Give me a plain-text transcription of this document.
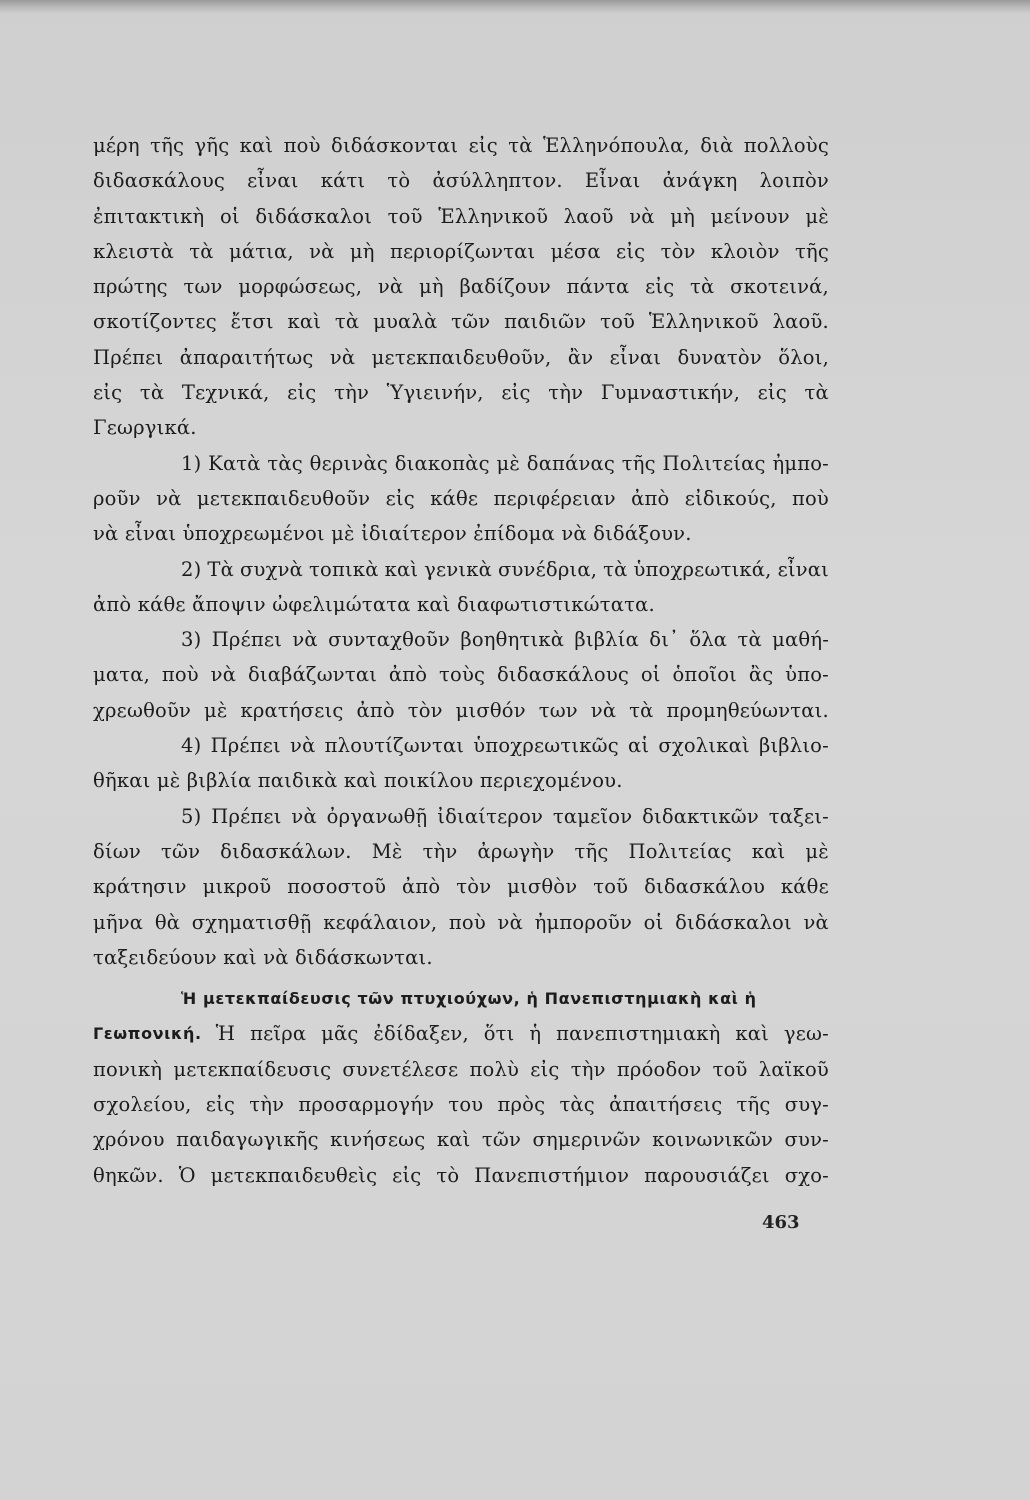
μέρη τῆς γῆς καὶ ποὺ διδάσκονται εἰς τὰ Ἑλληνόπουλα, διὰ πολλοὺς
διδασκάλους εἶναι κάτι τὸ ἀσύλληπτον. Εἶναι ἀνάγκη λοιπὸν
ἐπιτακτικὴ οἱ διδάσκαλοι τοῦ Ἑλληνικοῦ λαοῦ νὰ μὴ μείνουν μὲ
κλειστὰ τὰ μάτια, νὰ μὴ περιορίζωνται μέσα εἰς τὸν κλοιὸν τῆς
πρώτης των μορφώσεως, νὰ μὴ βαδίζουν πάντα εἰς τὰ σκοτεινά,
σκοτίζοντες ἔτσι καὶ τὰ μυαλὰ τῶν παιδιῶν τοῦ Ἑλληνικοῦ λαοῦ.
Πρέπει ἀπαραιτήτως νὰ μετεκπαιδευθοῦν, ἂν εἶναι δυνατὸν ὅλοι,
εἰς τὰ Τεχνικά, εἰς τὴν Ὑγιεινήν, εἰς τὴν Γυμναστικήν, εἰς τὰ
Γεωργικά.
1) Κατὰ τὰς θερινὰς διακοπὰς μὲ δαπάνας τῆς Πολιτείας ἠμπο-
ροῦν νὰ μετεκπαιδευθοῦν εἰς κάθε περιφέρειαν ἀπὸ εἰδικούς, ποὺ
νὰ εἶναι ὑποχρεωμένοι μὲ ἰδιαίτερον ἐπίδομα νὰ διδάξουν.
2) Τὰ συχνὰ τοπικὰ καὶ γενικὰ συνέδρια, τὰ ὑποχρεωτικά, εἶναι
ἀπὸ κάθε ἄποψιν ὠφελιμώτατα καὶ διαφωτιστικώτατα.
3) Πρέπει νὰ συνταχθοῦν βοηθητικὰ βιβλία δι᾽ ὅλα τὰ μαθή-
ματα, ποὺ νὰ διαβάζωνται ἀπὸ τοὺς διδασκάλους οἱ ὁποῖοι ἂς ὑπο-
χρεωθοῦν μὲ κρατήσεις ἀπὸ τὸν μισθόν των νὰ τὰ προμηθεύωνται.
4) Πρέπει νὰ πλουτίζωνται ὑποχρεωτικῶς αἱ σχολικαὶ βιβλιο-
θῆκαι μὲ βιβλία παιδικὰ καὶ ποικίλου περιεχομένου.
5) Πρέπει νὰ ὀργανωθῇ ἰδιαίτερον ταμεῖον διδακτικῶν ταξει-
δίων τῶν διδασκάλων. Μὲ τὴν ἀρωγὴν τῆς Πολιτείας καὶ μὲ
κράτησιν μικροῦ ποσοστοῦ ἀπὸ τὸν μισθὸν τοῦ διδασκάλου κάθε
μῆνα θὰ σχηματισθῇ κεφάλαιον, ποὺ νὰ ἠμποροῦν οἱ διδάσκαλοι νὰ
ταξειδεύουν καὶ νὰ διδάσκωνται.
Ἡ μετεκπαίδευσις τῶν πτυχιούχων, ἡ Πανεπιστημιακὴ καὶ ἡ
Γεωπονική. Ἡ πεῖρα μᾶς ἐδίδαξεν, ὅτι ἡ πανεπιστημιακὴ καὶ γεω-
πονικὴ μετεκπαίδευσις συνετέλεσε πολὺ εἰς τὴν πρόοδον τοῦ λαϊκοῦ
σχολείου, εἰς τὴν προσαρμογήν του πρὸς τὰς ἀπαιτήσεις τῆς συγ-
χρόνου παιδαγωγικῆς κινήσεως καὶ τῶν σημερινῶν κοινωνικῶν συν-
θηκῶν. Ὁ μετεκπαιδευθεὶς εἰς τὸ Πανεπιστήμιον παρουσιάζει σχο-
463
